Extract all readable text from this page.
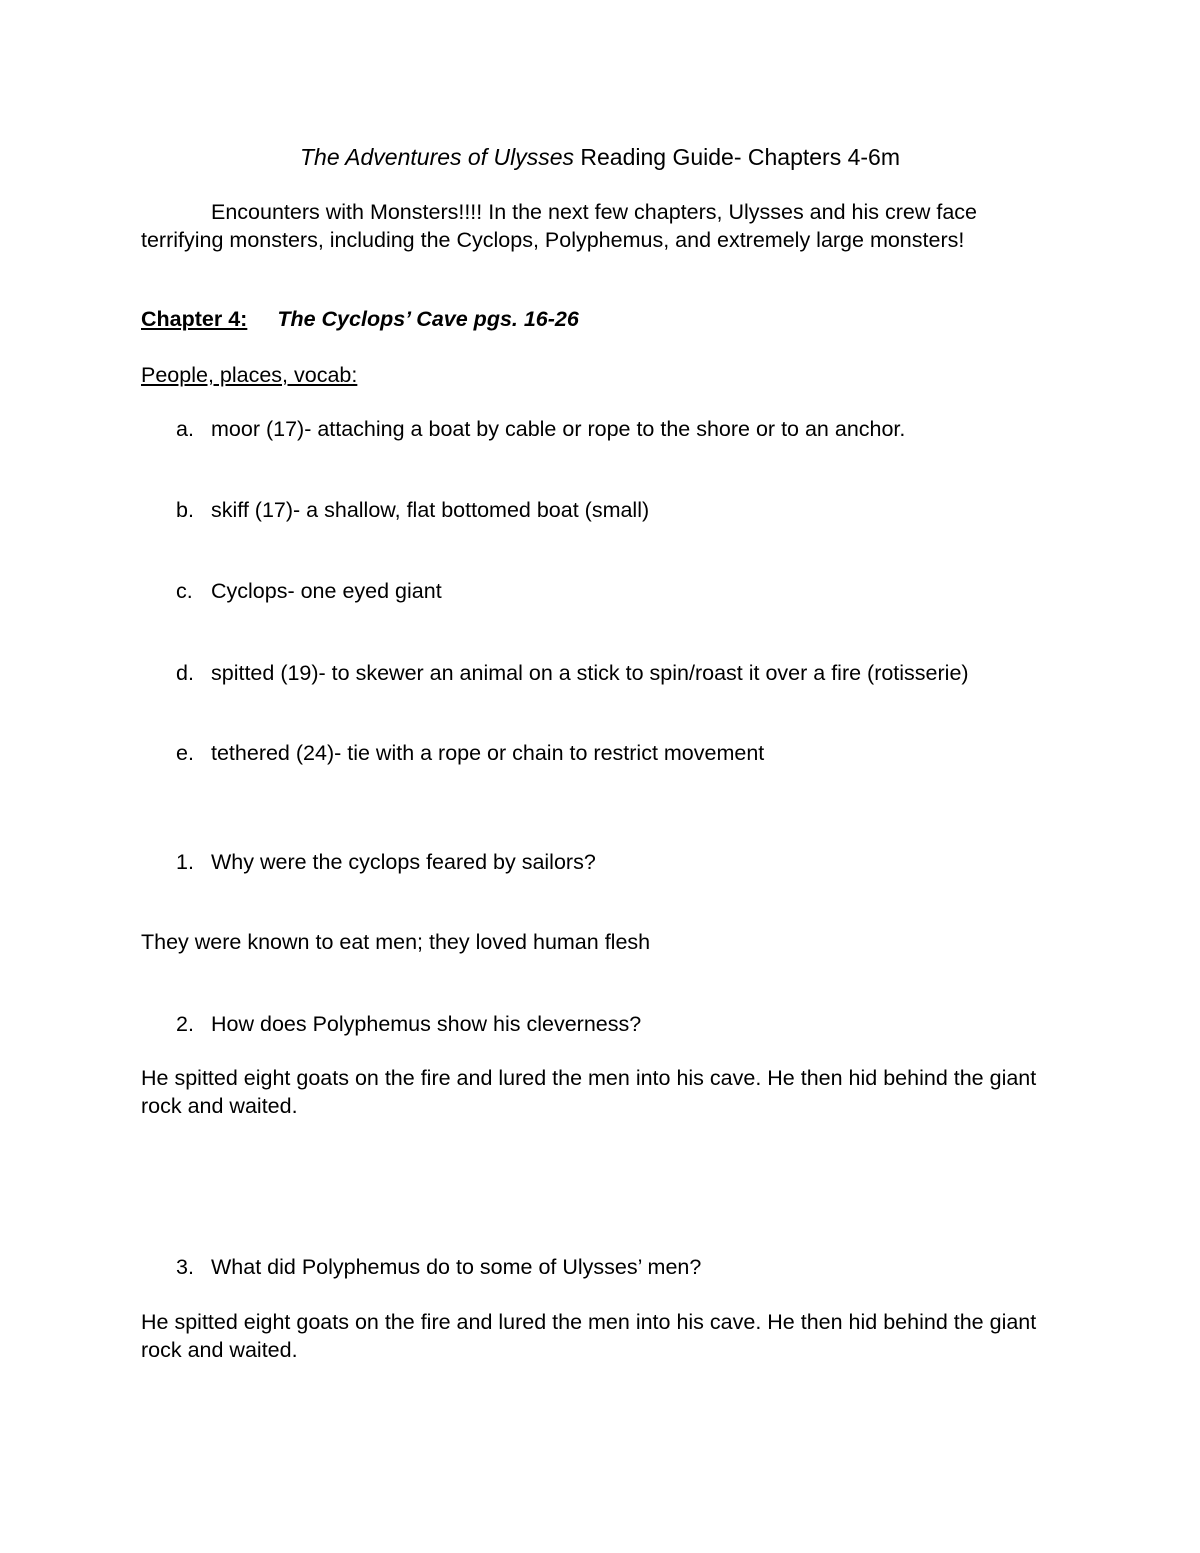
The Adventures of Ulysses Reading Guide- Chapters 4-6m
Encounters with Monsters!!!! In the next few chapters, Ulysses and his crew face terrifying monsters, including the Cyclops, Polyphemus, and extremely large monsters!
Chapter 4: The Cyclops’ Cave pgs. 16-26
People, places, vocab:
a. moor (17)- attaching a boat by cable or rope to the shore or to an anchor.
b. skiff (17)- a shallow, flat bottomed boat (small)
c. Cyclops- one eyed giant
d. spitted (19)- to skewer an animal on a stick to spin/roast it over a fire (rotisserie)
e. tethered (24)- tie with a rope or chain to restrict movement
1. Why were the cyclops feared by sailors?
They were known to eat men; they loved human flesh
2. How does Polyphemus show his cleverness?
He spitted eight goats on the fire and lured the men into his cave. He then hid behind the giant rock and waited.
3. What did Polyphemus do to some of Ulysses’ men?
He spitted eight goats on the fire and lured the men into his cave. He then hid behind the giant rock and waited.
